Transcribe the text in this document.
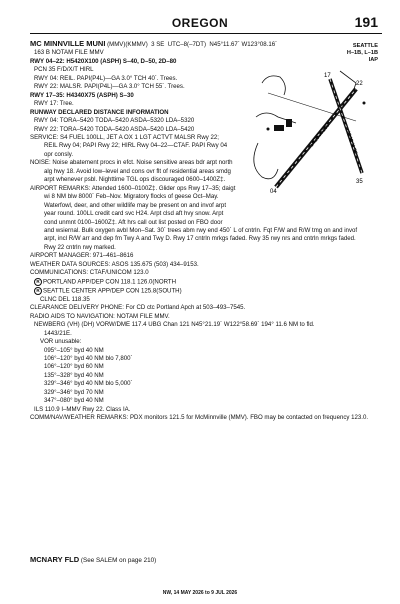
OREGON	191
SEATTLE
H–1B, L–1B
IAP
MC MINNVILLE MUNI (MMV)(KMMV) 3 SE UTC–8(–7DT) N45°11.67´ W123°08.16´
163 B NOTAM FILE MMV
RWY 04–22: H5420X100 (ASPH) S–40, D–50, 2D–80
PCN 35 F/D/X/T HIRL
RWY 04: REIL. PAPI(P4L)—GA 3.0° TCH 40´. Trees.
RWY 22: MALSR. PAPI(P4L)—GA 3.0° TCH 55´. Trees.
RWY 17–35: H4340X75 (ASPH) S–30
RWY 17: Tree.
RUNWAY DECLARED DISTANCE INFORMATION
RWY 04: TORA–5420 TODA–5420 ASDA–5320 LDA–5320
RWY 22: TORA–5420 TODA–5420 ASDA–5420 LDA–5420
SERVICE: S4 FUEL 100LL, JET A OX 1 LGT ACTVT MALSR Rwy 22;
REIL Rwy 04; PAPI Rwy 22; HIRL Rwy 04–22—CTAF. PAPI Rwy 04
opr consly.
NOISE: Noise abatement procs in efct. Noise sensitive areas bdr arpt north
alg hwy 18. Avoid low–level and cons ovr flt of residential areas smdg
arpt whenever psbl. Nighttime TGL ops discouraged 0600–1400Z‡.
AIRPORT REMARKS: Attended 1600–0100Z‡. Glider ops Rwy 17–35; daigt
wi 8 NM blw 8000´ Feb–Nov. Migratory flocks of geese Oct–May.
Waterfowl, deer, and other wildlife may be present on and invof arpt
year round. 100LL credit card svc H24. Arpt clsd aft hvy snow. Arpt
cond unmnt 0100–1600Z‡. Aft hrs call out list posted on FBO door
and wsiernal. Bulk oxygen avbl Mon–Sat. 30´ trees abm rwy end 450´ L of cntrln. Fqt F/W and R/W tmg on and invof
arpt, incl R/W arr and dep fm Twy A and Twy D. Rwy 17 cntrln mrkgs faded. Rwy 35 rwy nrs and cntrln mrkgs faded.
Rwy 22 cntrln rwy marked.
AIRPORT MANAGER: 971–461–8616
WEATHER DATA SOURCES: ASOS 135.675 (503) 434–9153.
COMMUNICATIONS: CTAF/UNICOM 123.0
R PORTLAND APP/DEP CON 118.1 126.0(NORTH
R SEATTLE CENTER APP/DEP CON 125.8(SOUTH)
CLNC DEL 118.35
CLEARANCE DELIVERY PHONE: For CD ctc Portland Apch at 503–493–7545.
RADIO AIDS TO NAVIGATION: NOTAM FILE MMV.
NEWBERG (VH) (DH) VORW/DME 117.4 UBG Chan 121 N45°21.19´ W122°58.69´ 194° 11.6 NM to fld.
1443/21E.
VOR unusable:
095°–105° byd 40 NM
106°–120° byd 40 NM blo 7,800´
106°–120° byd 60 NM
135°–328° byd 40 NM
329°–346° byd 40 NM blo 5,000´
329°–346° byd 70 NM
347°–080° byd 40 NM
ILS 110.9 I–MMV Rwy 22. Class IA.
COMM/NAV/WEATHER REMARKS: PDX monitors 121.5 for McMinnville (MMV). FBO may be contacted on frequency 123.0.
5420 X 100 4340 X 75
17
22
04
35
MCNARY FLD (See SALEM on page 210)
NW, 14 MAY 2026 to 9 JUL 2026
